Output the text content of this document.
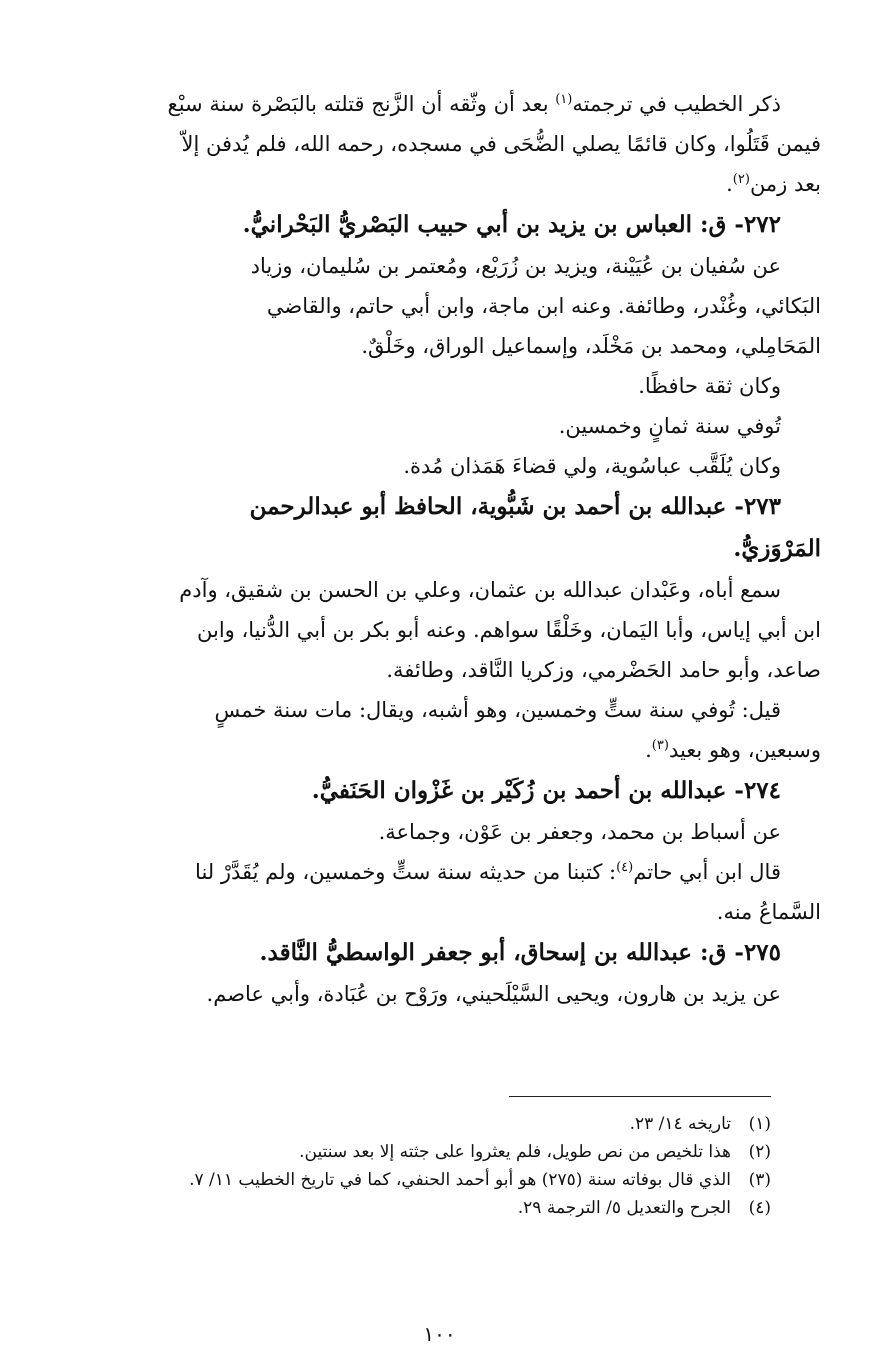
ذكر الخطيب في ترجمته$^{(١)}$ بعد أن وثّقه أن الزَّنج قتلته بالبَصْرة سنة سبْع

فيمن قَتَلُوا، وكان قائمًا يصلي الضُّحَى في مسجده، رحمه الله، فلم يُدفن إلاّ

بعد زمن$^{(٢)}$.

٢٧٢- ق: العباس بن يزيد بن أبي حبيب البَصْريُّ البَحْرانيُّ.

عن سُفيان بن عُيَيْنة، ويزيد بن زُرَيْع، ومُعتمر بن سُليمان، وزياد

البَكائي، وغُنْدر، وطائفة. وعنه ابن ماجة، وابن أبي حاتم، والقاضي

المَحَامِلي، ومحمد بن مَخْلَد، وإسماعيل الوراق، وخَلْقٌ.

وكان ثقة حافظًا.

تُوفي سنة ثمانٍ وخمسين.

وكان يُلَقَّب عباسُوية، ولي قضاءَ هَمَذان مُدة.

٢٧٣- عبدالله بن أحمد بن شَبُّوية، الحافظ أبو عبدالرحمن

المَرْوَزيُّ.

سمع أباه، وعَبْدان عبدالله بن عثمان، وعلي بن الحسن بن شقيق، وآدم

ابن أبي إياس، وأبا اليَمان، وخَلْقًا سواهم. وعنه أبو بكر بن أبي الدُّنيا، وابن

صاعد، وأبو حامد الحَضْرمي، وزكريا النَّاقد، وطائفة.

قيل: تُوفي سنة ستٍّ وخمسين، وهو أشبه، ويقال: مات سنة خمسٍ

وسبعين، وهو بعيد$^{(٣)}$.

٢٧٤- عبدالله بن أحمد بن زُكَيْر بن غَزْوان الحَنَفيُّ.

عن أسباط بن محمد، وجعفر بن عَوْن، وجماعة.

قال ابن أبي حاتم$^{(٤)}$: كتبنا من حديثه سنة ستٍّ وخمسين، ولم يُقَدَّرْ لنا

السَّماعُ منه.

٢٧٥- ق: عبدالله بن إسحاق، أبو جعفر الواسطيُّ النَّاقد.

عن يزيد بن هارون، ويحيى السَّيْلَحيني، ورَوْح بن عُبَادة، وأبي عاصم.

(١)تاريخه ١٤/ ٢٣.

(٢)هذا تلخيص من نص طويل، فلم يعثروا على جثته إلا بعد سنتين.

(٣)الذي قال بوفاته سنة (٢٧٥) هو أبو أحمد الحنفي، كما في تاريخ الخطيب ١١/ ٧.

(٤)الجرح والتعديل ٥/ الترجمة ٢٩.

١٠٠
